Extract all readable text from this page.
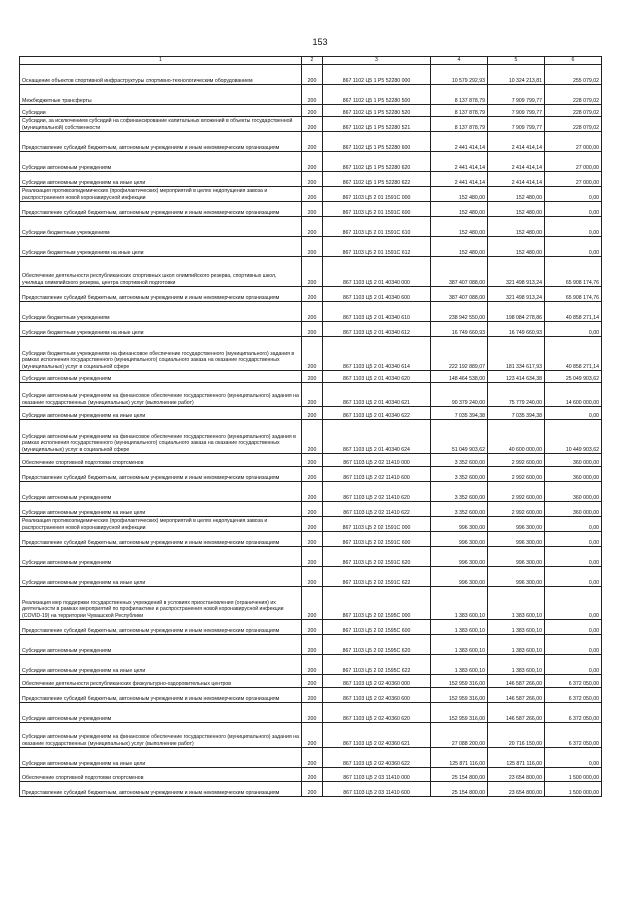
153
1	2	3	4	5	6
Оснащение объектов спортивной инфраструктуры спортивно-технологическим оборудованием	200	867 1102 Ц5 1 P5 52280 000	10 579 292,93	10 324 213,81	255 079,02
Межбюджетные трансферты	200	867 1102 Ц5 1 P5 52280 500	8 137 878,79	7 909 799,77	228 079,02
Субсидии	200	867 1102 Ц5 1 P5 52280 520	8 137 878,79	7 909 799,77	228 079,02
Субсидии, за исключением субсидий на софинансирование капитальных вложений в объекты государственной (муниципальной) собственности	200	867 1102 Ц5 1 P5 52280 521	8 137 878,79	7 909 799,77	228 079,02
Предоставление субсидий бюджетным, автономным учреждениям и иным некоммерческим организациям	200	867 1102 Ц5 1 P5 52280 600	2 441 414,14	2 414 414,14	27 000,00
Субсидии автономным учреждениям	200	867 1102 Ц5 1 P5 52280 620	2 441 414,14	2 414 414,14	27 000,00
Субсидии автономным учреждениям на иные цели	200	867 1102 Ц5 1 P5 52280 622	2 441 414,14	2 414 414,14	27 000,00
Реализация противоэпидемических (профилактических) мероприятий в целях недопущения завоза и распространения новой коронавирусной инфекции	200	867 1103 Ц5 2 01 1591C 000	152 480,00	152 480,00	0,00
Предоставление субсидий бюджетным, автономным учреждениям и иным некоммерческим организациям	200	867 1103 Ц5 2 01 1591C 600	152 480,00	152 480,00	0,00
Субсидии бюджетным учреждениям	200	867 1103 Ц5 2 01 1591C 610	152 480,00	152 480,00	0,00
Субсидии бюджетным учреждениям на иные цели	200	867 1103 Ц5 2 01 1591C 612	152 480,00	152 480,00	0,00
Обеспечение деятельности республиканских спортивных школ олимпийского резерва, спортивных школ, училища олимпийского резерва, центра спортивной подготовки	200	867 1103 Ц5 2 01 40340 000	387 407 088,00	321 498 913,24	65 908 174,76
Предоставление субсидий бюджетным, автономным учреждениям и иным некоммерческим организациям	200	867 1103 Ц5 2 01 40340 600	387 407 088,00	321 498 913,24	65 908 174,76
Субсидии бюджетным учреждениям	200	867 1103 Ц5 2 01 40340 610	238 942 550,00	198 084 278,86	40 858 271,14
Субсидии бюджетным учреждениям на иные цели	200	867 1103 Ц5 2 01 40340 612	16 749 660,93	16 749 660,93	0,00
Субсидии бюджетным учреждениям на финансовое обеспечение государственного (муниципального) задания в рамках исполнения государственного (муниципального) социального заказа на оказание государственных (муниципальных) услуг в социальной сфере	200	867 1103 Ц5 2 01 40340 614	222 192 889,07	181 334 617,93	40 858 271,14
Субсидии автономным учреждениям	200	867 1103 Ц5 2 01 40340 620	148 464 538,00	123 414 634,38	25 049 903,62
Субсидии автономным учреждениям на финансовое обеспечение государственного (муниципального) задания на оказание государственных (муниципальных) услуг (выполнение работ)	200	867 1103 Ц5 2 01 40340 621	90 379 240,00	75 779 240,00	14 600 000,00
Субсидии автономным учреждениям на иные цели	200	867 1103 Ц5 2 01 40340 622	7 035 394,38	7 035 394,38	0,00
Субсидии автономным учреждениям на финансовое обеспечение государственного (муниципального) задания в рамках исполнения государственного (муниципального) социального заказа на оказание государственных (муниципальных) услуг в социальной сфере	200	867 1103 Ц5 2 01 40340 624	51 049 903,62	40 600 000,00	10 449 903,62
Обеспечение спортивной подготовки спортсменов	200	867 1103 Ц5 2 02 11410 000	3 352 600,00	2 992 600,00	360 000,00
Предоставление субсидий бюджетным, автономным учреждениям и иным некоммерческим организациям	200	867 1103 Ц5 2 02 11410 600	3 352 600,00	2 992 600,00	360 000,00
Субсидии автономным учреждениям	200	867 1103 Ц5 2 02 11410 620	3 352 600,00	2 992 600,00	360 000,00
Субсидии автономным учреждениям на иные цели	200	867 1103 Ц5 2 02 11410 622	3 352 600,00	2 992 600,00	360 000,00
Реализация противоэпидемических (профилактических) мероприятий в целях недопущения завоза и распространения новой коронавирусной инфекции	200	867 1103 Ц5 2 02 1591C 000	996 300,00	996 300,00	0,00
Предоставление субсидий бюджетным, автономным учреждениям и иным некоммерческим организациям	200	867 1103 Ц5 2 02 1591C 600	996 300,00	996 300,00	0,00
Субсидии автономным учреждениям	200	867 1103 Ц5 2 02 1591C 620	996 300,00	996 300,00	0,00
Субсидии автономным учреждениям на иные цели	200	867 1103 Ц5 2 02 1591C 622	996 300,00	996 300,00	0,00
Реализация мер поддержки государственных учреждений в условиях приостановления (ограничения) их деятельности в рамках мероприятий по профилактике и распространения новой коронавирусной инфекции (COVID-19) на территории Чувашской Республики	200	867 1103 Ц5 2 02 1595C 000	1 383 600,10	1 383 600,10	0,00
Предоставление субсидий бюджетным, автономным учреждениям и иным некоммерческим организациям	200	867 1103 Ц5 2 02 1595C 600	1 383 600,10	1 383 600,10	0,00
Субсидии автономным учреждениям	200	867 1103 Ц5 2 02 1595C 620	1 383 600,10	1 383 600,10	0,00
Субсидии автономным учреждениям на иные цели	200	867 1103 Ц5 2 02 1595C 622	1 383 600,10	1 383 600,10	0,00
Обеспечение деятельности республиканских физкультурно-оздоровительных центров	200	867 1103 Ц5 2 02 40360 000	152 959 316,00	146 587 266,00	6 372 050,00
Предоставление субсидий бюджетным, автономным учреждениям и иным некоммерческим организациям	200	867 1103 Ц5 2 02 40360 600	152 959 316,00	146 587 266,00	6 372 050,00
Субсидии автономным учреждениям	200	867 1103 Ц5 2 02 40360 620	152 959 316,00	146 587 266,00	6 372 050,00
Субсидии автономным учреждениям на финансовое обеспечение государственного (муниципального) задания на оказание государственных (муниципальных) услуг (выполнение работ)	200	867 1103 Ц5 2 02 40360 621	27 088 200,00	20 716 150,00	6 372 050,00
Субсидии автономным учреждениям на иные цели	200	867 1103 Ц5 2 02 40360 622	125 871 116,00	125 871 116,00	0,00
Обеспечение спортивной подготовки спортсменов	200	867 1103 Ц5 2 03 11410 000	25 154 800,00	23 654 800,00	1 500 000,00
Предоставление субсидий бюджетным, автономным учреждениям и иным некоммерческим организациям	200	867 1103 Ц5 2 03 11410 600	25 154 800,00	23 654 800,00	1 500 000,00
